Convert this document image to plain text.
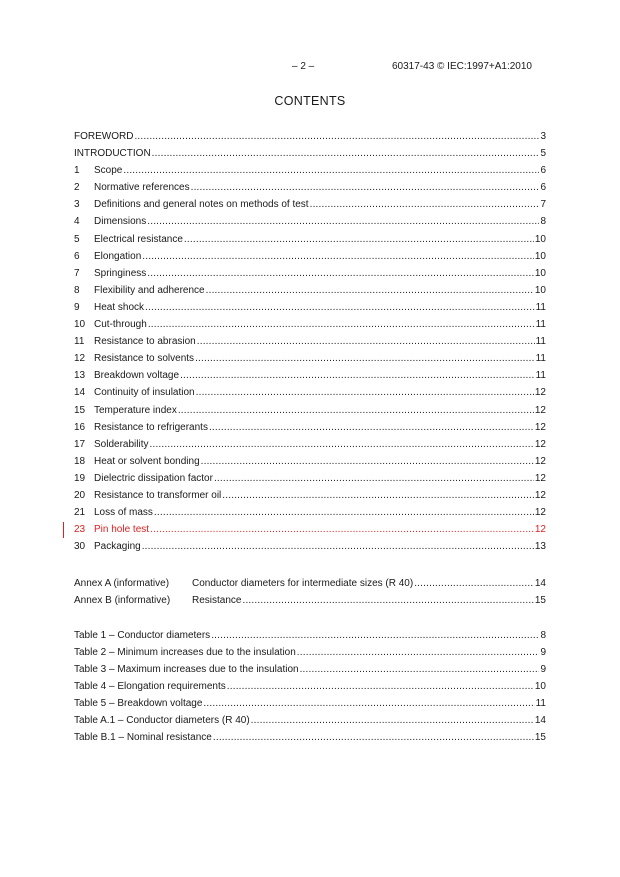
– 2 –	60317-43 © IEC:1997+A1:2010
CONTENTS
FOREWORD .....	3
INTRODUCTION .....	5
1	Scope .....	6
2	Normative references .....	6
3	Definitions and general notes on methods of test .....	7
4	Dimensions .....	8
5	Electrical resistance .....	10
6	Elongation .....	10
7	Springiness .....	10
8	Flexibility and adherence .....	10
9	Heat shock .....	11
10 Cut-through .....	11
11 Resistance to abrasion .....	11
12 Resistance to solvents .....	11
13 Breakdown voltage .....	11
14 Continuity of insulation .....	12
15 Temperature index .....	12
16 Resistance to refrigerants .....	12
17 Solderability .....	12
18 Heat or solvent bonding .....	12
19 Dielectric dissipation factor .....	12
20 Resistance to transformer oil .....	12
21 Loss of mass .....	12
23 Pin hole test .....	12
30 Packaging .....	13
Annex A (informative)	Conductor diameters for intermediate sizes (R 40) .....	14
Annex B (informative)	Resistance .....	15
Table 1 – Conductor diameters .....	8
Table 2 – Minimum increases due to the insulation .....	9
Table 3 – Maximum increases due to the insulation .....	9
Table 4 – Elongation requirements .....	10
Table 5 – Breakdown voltage .....	11
Table A.1 – Conductor diameters (R 40) .....	14
Table B.1 – Nominal resistance .....	15
